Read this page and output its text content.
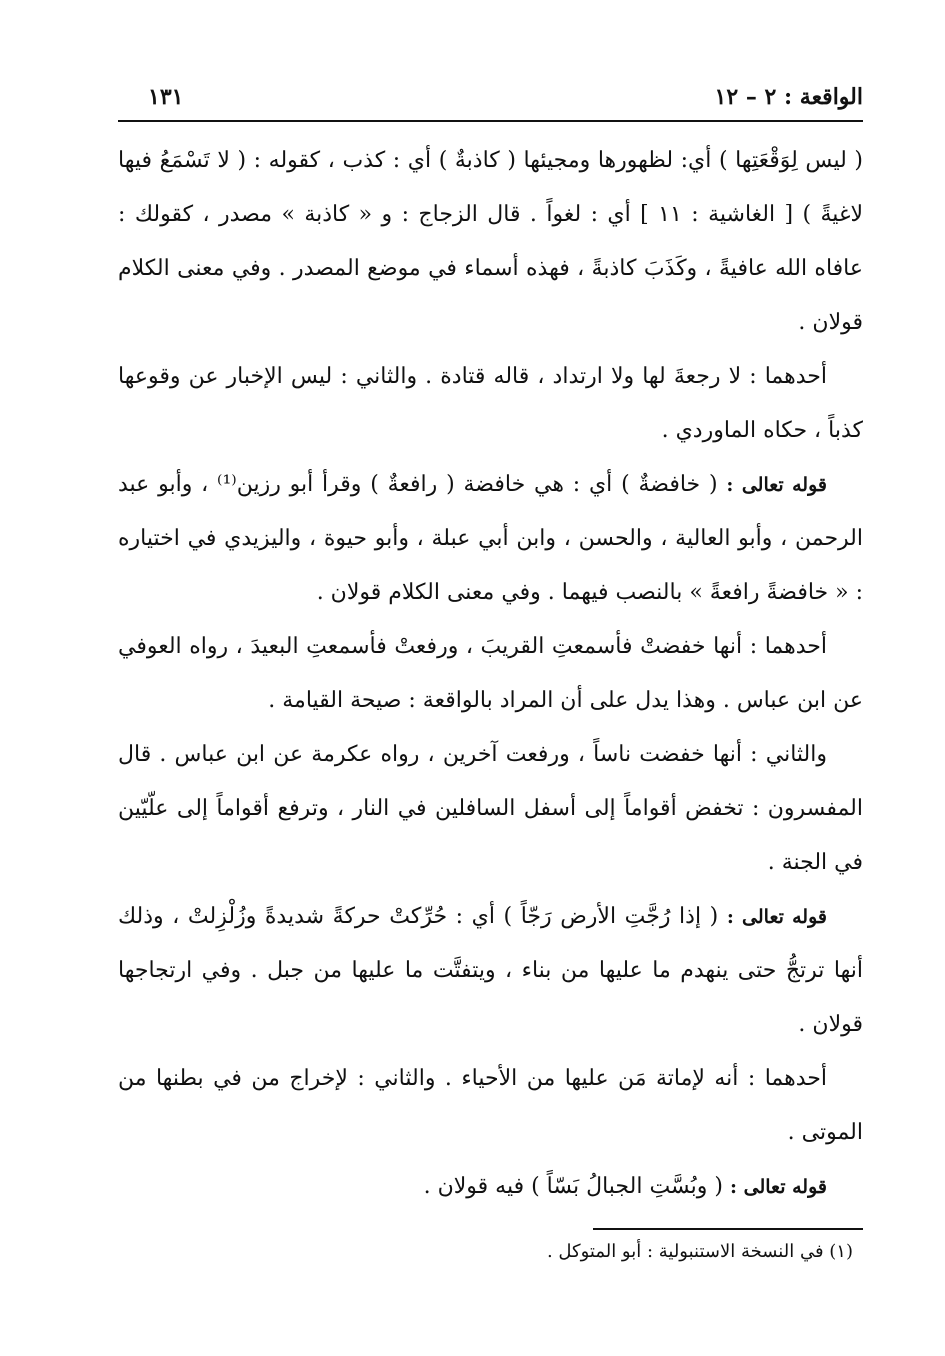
الواقعة : ٢ – ١٢
١٣١

( ليس لِوَقْعَتِها ) أي: لظهورها ومجيئها ( كاذبةٌ ) أي : كذب ، كقوله : ( لا تَسْمَعُ فيها لاغيةً ) [ الغاشية : ١١ ] أي : لغواً . قال الزجاج : و « كاذبة » مصدر ، كقولك : عافاه الله عافيةً ، وكَذَبَ كاذبةً ، فهذه أسماء في موضع المصدر . وفي معنى الكلام قولان .

أحدهما : لا رجعةَ لها ولا ارتداد ، قاله قتادة . والثاني : ليس الإخبار عن وقوعها كذباً ، حكاه الماوردي .

قوله تعالى : ( خافضةٌ ) أي : هي خافضة ( رافعةٌ ) وقرأ أبو رزين⁽¹⁾ ، وأبو عبد الرحمن ، وأبو العالية ، والحسن ، وابن أبي عبلة ، وأبو حيوة ، واليزيدي في اختياره : « خافضةً رافعةً » بالنصب فيهما . وفي معنى الكلام قولان .

أحدهما : أنها خفضتْ فأسمعتِ القريبَ ، ورفعتْ فأسمعتِ البعيدَ ، رواه العوفي عن ابن عباس . وهذا يدل على أن المراد بالواقعة : صيحة القيامة .

والثاني : أنها خفضت ناساً ، ورفعت آخرين ، رواه عكرمة عن ابن عباس . قال المفسرون : تخفض أقواماً إلى أسفل السافلين في النار ، وترفع أقواماً إلى علّيّين في الجنة .

قوله تعالى : ( إذا رُجَّتِ الأرض رَجّاً ) أي : حُرِّكتْ حركةً شديدةً وزُلْزِلتْ ، وذلك أنها ترتجُّ حتى ينهدم ما عليها من بناء ، ويتفتَّت ما عليها من جبل . وفي ارتجاجها قولان .

أحدهما : أنه لإماتة مَن عليها من الأحياء . والثاني : لإخراج من في بطنها من الموتى .

قوله تعالى : ( وبُسَّتِ الجبالُ بَسّاً ) فيه قولان .

(١) في النسخة الاستنبولية : أبو المتوكل .
